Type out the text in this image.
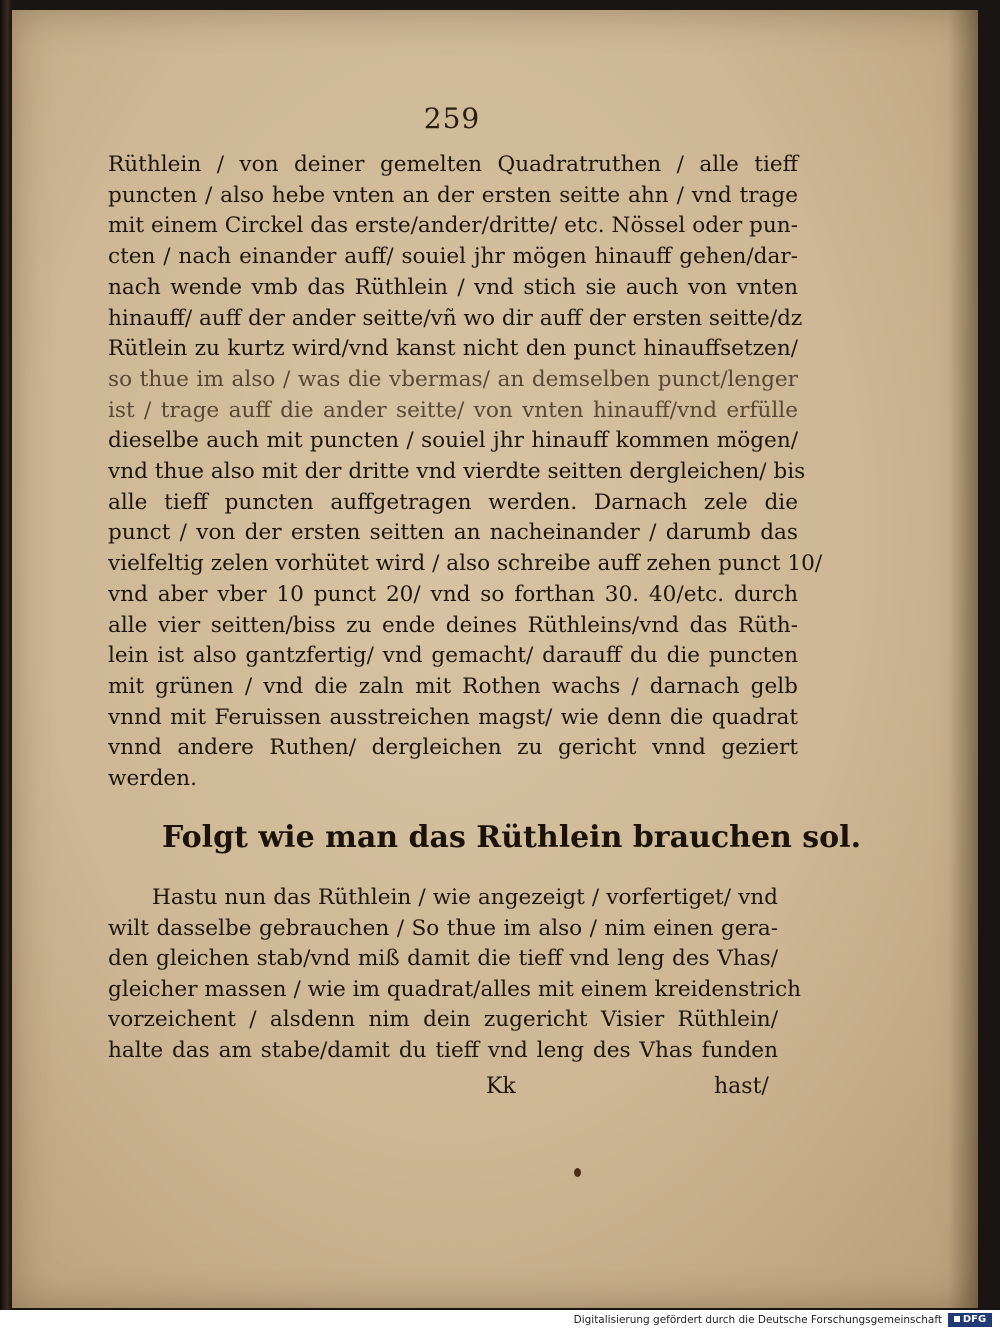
259
Rüthlein / von deiner gemelten Quadratruthen / alle tieff
puncten / also hebe vnten an der ersten seitte ahn / vnd trage
mit einem Circkel das erste/ander/dritte/ etc. Nössel oder pun-
cten / nach einander auff/ souiel jhr mögen hinauff gehen/dar-
nach wende vmb das Rüthlein / vnd stich sie auch von vnten
hinauff/ auff der ander seitte/vñ wo dir auff der ersten seitte/dz
Rütlein zu kurtz wird/vnd kanst nicht den punct hinauffsetzen/
so thue im also / was die vbermas/ an demselben punct/lenger
ist / trage auff die ander seitte/ von vnten hinauff/vnd erfülle
dieselbe auch mit puncten / souiel jhr hinauff kommen mögen/
vnd thue also mit der dritte vnd vierdte seitten dergleichen/ bis
alle tieff puncten auffgetragen werden. Darnach zele die
punct / von der ersten seitten an nacheinander / darumb das
vielfeltig zelen vorhütet wird / also schreibe auff zehen punct 10/
vnd aber vber 10 punct 20/ vnd so forthan 30. 40/etc. durch
alle vier seitten/biss zu ende deines Rüthleins/vnd das Rüth-
lein ist also gantzfertig/ vnd gemacht/ darauff du die puncten
mit grünen / vnd die zaln mit Rothen wachs / darnach gelb
vnnd mit Feruissen ausstreichen magst/ wie denn die quadrat
vnnd andere Ruthen/ dergleichen zu gericht vnnd geziert
werden.
Folgt wie man das Rüthlein brauchen sol.
Hastu nun das Rüthlein / wie angezeigt / vorfertiget/ vnd
wilt dasselbe gebrauchen / So thue im also / nim einen gera-
den gleichen stab/vnd miß damit die tieff vnd leng des Vhas/
gleicher massen / wie im quadrat/alles mit einem kreidenstrich
vorzeichent / alsdenn nim dein zugericht Visier Rüthlein/
halte das am stabe/damit du tieff vnd leng des Vhas funden
Kk	hast/
Digitalisierung gefördert durch die Deutsche Forschungsgemeinschaft	DFG
